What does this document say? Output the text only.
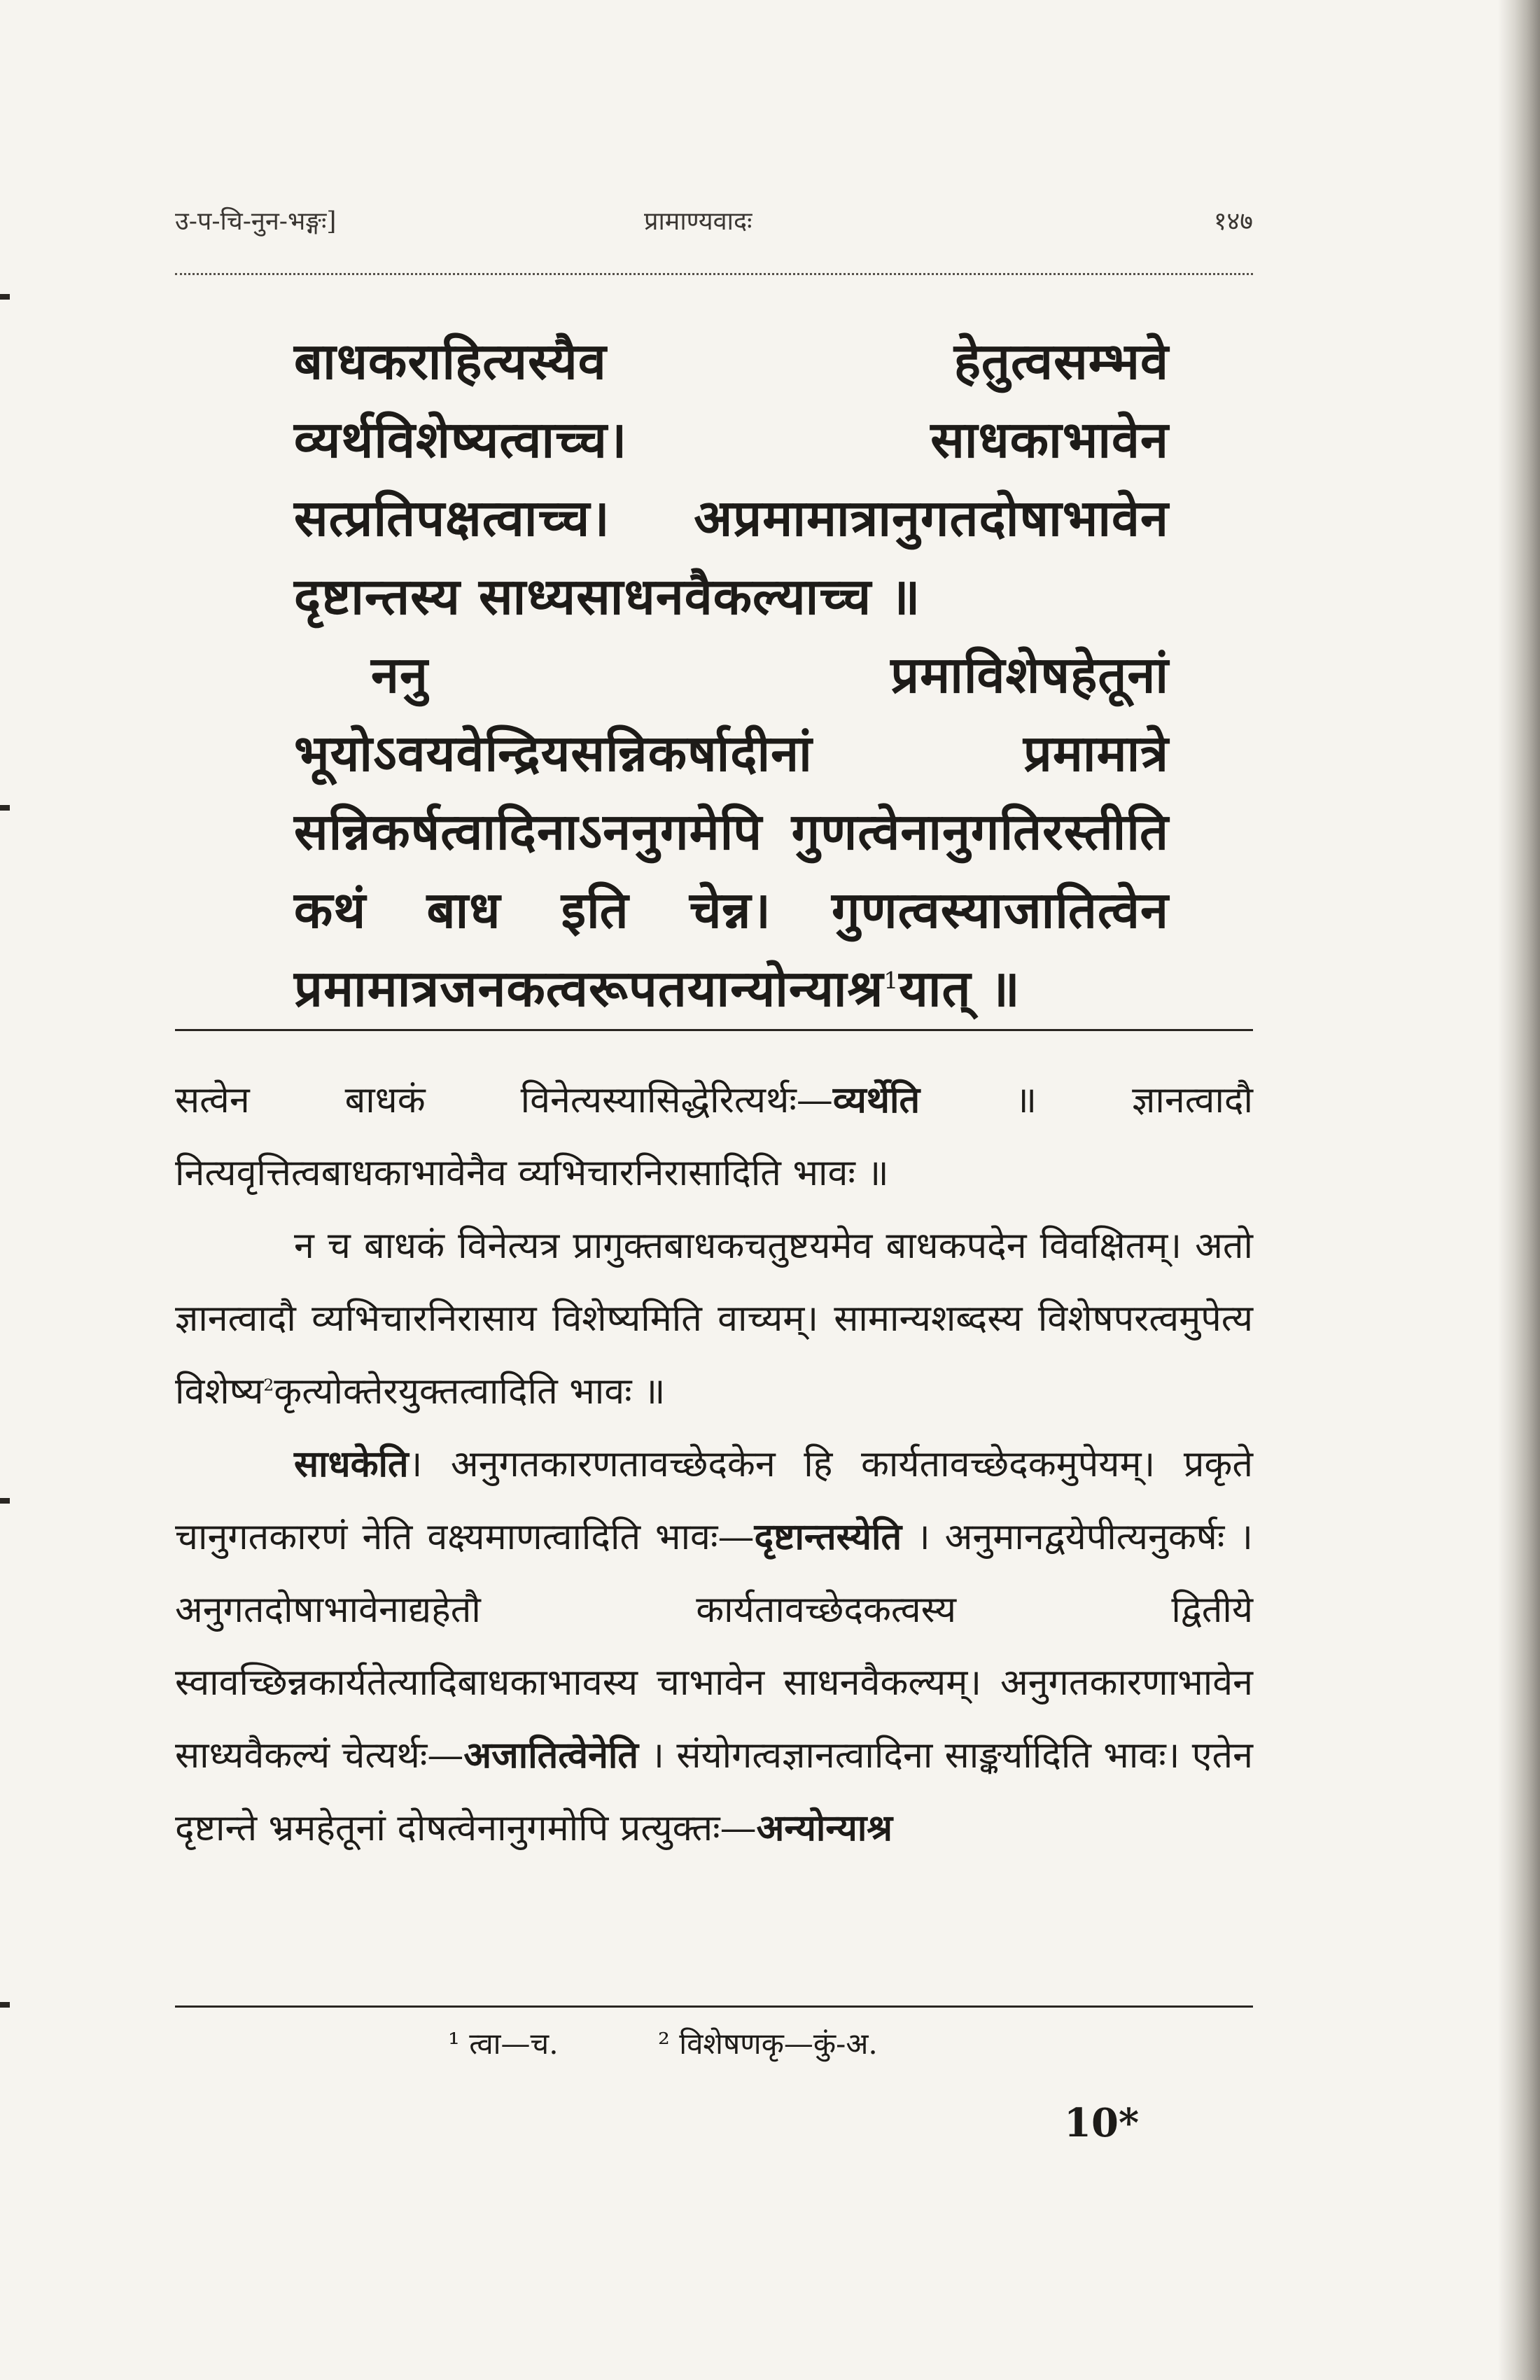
उ-प-चि-नुन-भङ्गः]	प्रामाण्यवादः	१४७

बाधकराहित्यस्यैव हेतुत्वसम्भवे व्यर्थविशेष्यत्वाच्च। साधकाभावेन सत्प्रतिपक्षत्वाच्च। अप्रमामात्रानुगतदोषाभावेन दृष्टान्तस्य साध्यसाधनवैकल्याच्च ॥

ननु प्रमाविशेषहेतूनां भूयोऽवयवेन्द्रियसन्निकर्षादीनां प्रमामात्रे सन्निकर्षत्वादिनाऽननुगमेपि गुणत्वेनानुगतिरस्तीति कथं बाध इति चेन्न। गुणत्वस्याजातित्वेन प्रमामात्रजनकत्वरूपतयान्योन्याश्र$^1$यात् ॥

सत्वेन बाधकं विनेत्यस्यासिद्धेरित्यर्थः—व्यर्थेति ॥ ज्ञानत्वादौ नित्यवृत्तित्वबाधकाभावेनैव व्यभिचारनिरासादिति भावः ॥

न च बाधकं विनेत्यत्र प्रागुक्तबाधकचतुष्टयमेव बाधकपदेन विवक्षितम्। अतो ज्ञानत्वादौ व्यभिचारनिरासाय विशेष्यमिति वाच्यम्। सामान्यशब्दस्य विशेषपरत्वमुपेत्य विशेष्य$^2$कृत्योक्तेरयुक्तत्वादिति भावः ॥

साधकेति। अनुगतकारणतावच्छेदकेन हि कार्यतावच्छेदकमुपेयम्। प्रकृते चानुगतकारणं नेति वक्ष्यमाणत्वादिति भावः—दृष्टान्तस्येति । अनुमानद्वयेपीत्यनुकर्षः । अनुगतदोषाभावेनाद्यहेतौ कार्यतावच्छेदकत्वस्य द्वितीये स्वावच्छिन्नकार्यतेत्यादिबाधकाभावस्य चाभावेन साधनवैकल्यम्। अनुगतकारणाभावेन साध्यवैकल्यं चेत्यर्थः—अजातित्वेनेति । संयोगत्वज्ञानत्वादिना साङ्कर्यादिति भावः। एतेन दृष्टान्ते भ्रमहेतूनां दोषत्वेनानुगमोपि प्रत्युक्तः—अन्योन्याश्र

¹ त्वा—च.	² विशेषणकृ—कुं-अ.
10*
